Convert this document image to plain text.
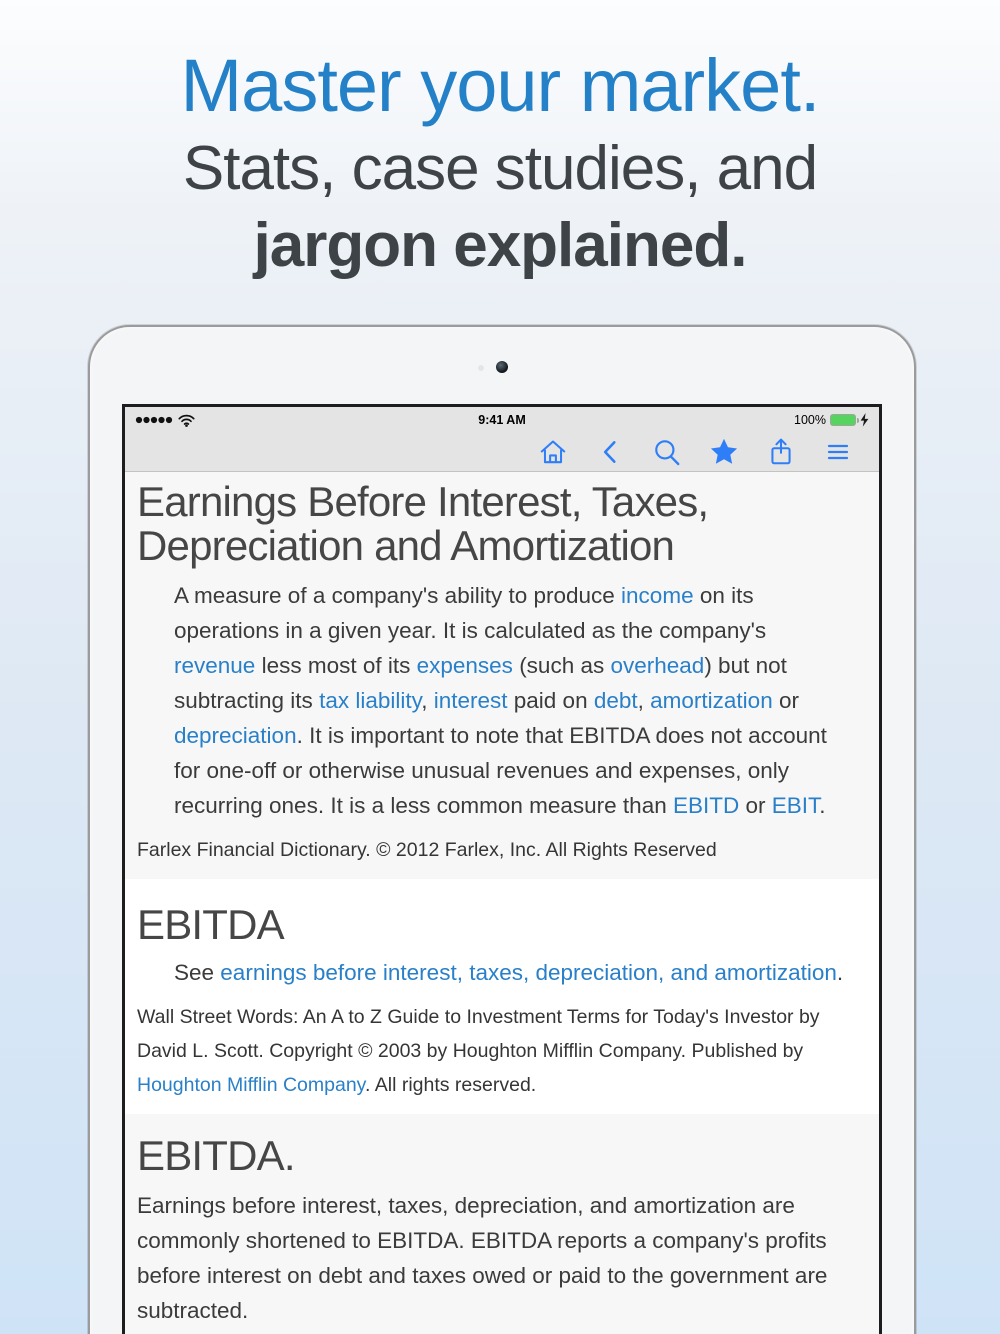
Master your market.
Stats, case studies, and
jargon explained.
9:41 AM	100%
Earnings Before Interest, Taxes,
Depreciation and Amortization
A measure of a company's ability to produce income on its
operations in a given year. It is calculated as the company's
revenue less most of its expenses (such as overhead) but not
subtracting its tax liability, interest paid on debt, amortization or
depreciation. It is important to note that EBITDA does not account
for one-off or otherwise unusual revenues and expenses, only
recurring ones. It is a less common measure than EBITD or EBIT.
Farlex Financial Dictionary. © 2012 Farlex, Inc. All Rights Reserved
EBITDA
See earnings before interest, taxes, depreciation, and amortization.
Wall Street Words: An A to Z Guide to Investment Terms for Today's Investor by
David L. Scott. Copyright © 2003 by Houghton Mifflin Company. Published by
Houghton Mifflin Company. All rights reserved.
EBITDA.
Earnings before interest, taxes, depreciation, and amortization are
commonly shortened to EBITDA. EBITDA reports a company's profits
before interest on debt and taxes owed or paid to the government are
subtracted.
